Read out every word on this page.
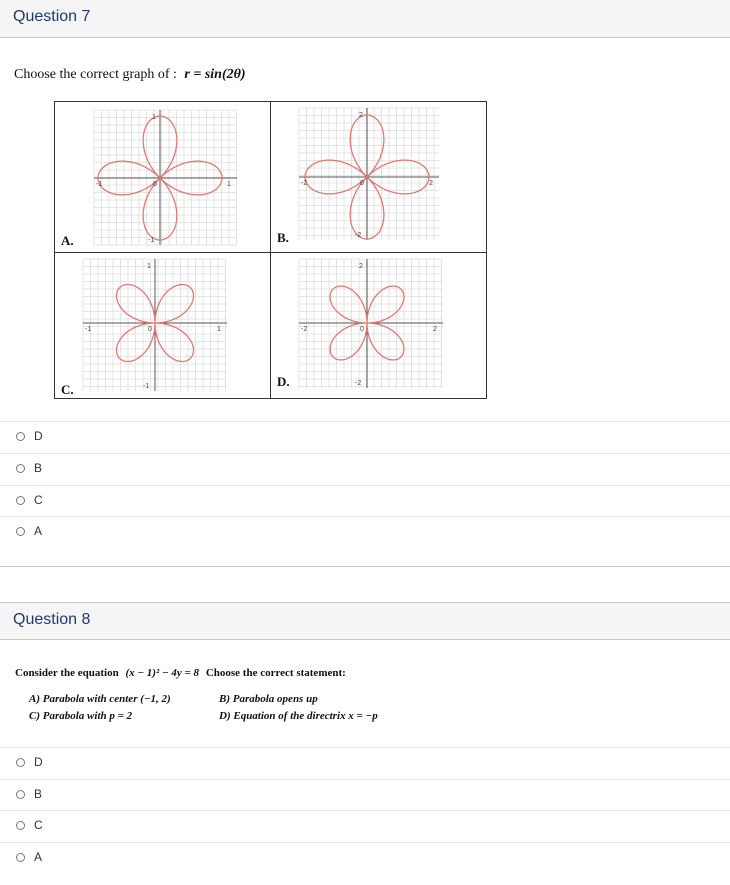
Question 7
Choose the correct graph of : r = sin(2θ)
1
-1
-1	1
0
A.
2
-2
-2	2
0
B.
1
-1
-1	1
0
C.
2
-2
-2	2
0
D.
D
B
C
A
Question 8
Consider the equation (x − 1)² − 4y = 8 Choose the correct statement:
A) Parabola with center (−1, 2)	B) Parabola opens up
C) Parabola with p = 2	D) Equation of the directrix x = −p
D
B
C
A
